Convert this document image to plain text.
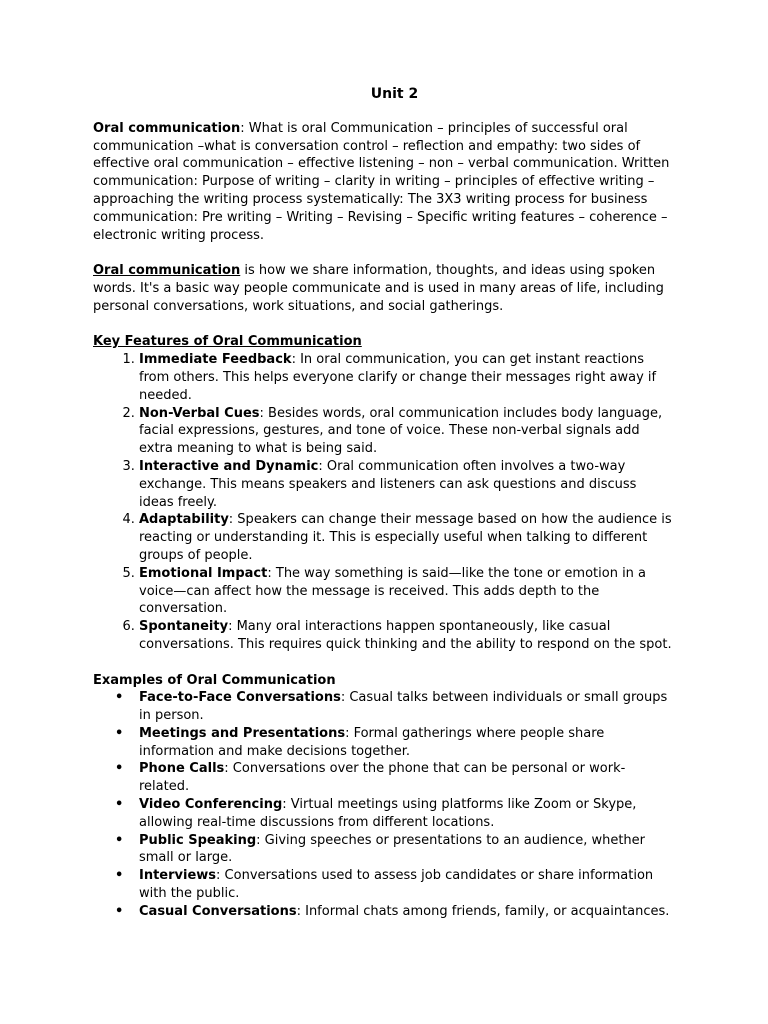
Unit 2

Oral communication: What is oral Communication – principles of successful oral communication –what is conversation control – reflection and empathy: two sides of effective oral communication – effective listening – non – verbal communication. Written communication: Purpose of writing – clarity in writing – principles of effective writing – approaching the writing process systematically: The 3X3 writing process for business communication: Pre writing – Writing – Revising – Specific writing features – coherence – electronic writing process.

Oral communication is how we share information, thoughts, and ideas using spoken words. It's a basic way people communicate and is used in many areas of life, including personal conversations, work situations, and social gatherings.

Key Features of Oral Communication

1. Immediate Feedback: In oral communication, you can get instant reactions from others. This helps everyone clarify or change their messages right away if needed.
2. Non-Verbal Cues: Besides words, oral communication includes body language, facial expressions, gestures, and tone of voice. These non-verbal signals add extra meaning to what is being said.
3. Interactive and Dynamic: Oral communication often involves a two-way exchange. This means speakers and listeners can ask questions and discuss ideas freely.
4. Adaptability: Speakers can change their message based on how the audience is reacting or understanding it. This is especially useful when talking to different groups of people.
5. Emotional Impact: The way something is said—like the tone or emotion in a voice—can affect how the message is received. This adds depth to the conversation.
6. Spontaneity: Many oral interactions happen spontaneously, like casual conversations. This requires quick thinking and the ability to respond on the spot.

Examples of Oral Communication

• Face-to-Face Conversations: Casual talks between individuals or small groups in person.
• Meetings and Presentations: Formal gatherings where people share information and make decisions together.
• Phone Calls: Conversations over the phone that can be personal or work-related.
• Video Conferencing: Virtual meetings using platforms like Zoom or Skype, allowing real-time discussions from different locations.
• Public Speaking: Giving speeches or presentations to an audience, whether small or large.
• Interviews: Conversations used to assess job candidates or share information with the public.
• Casual Conversations: Informal chats among friends, family, or acquaintances.
